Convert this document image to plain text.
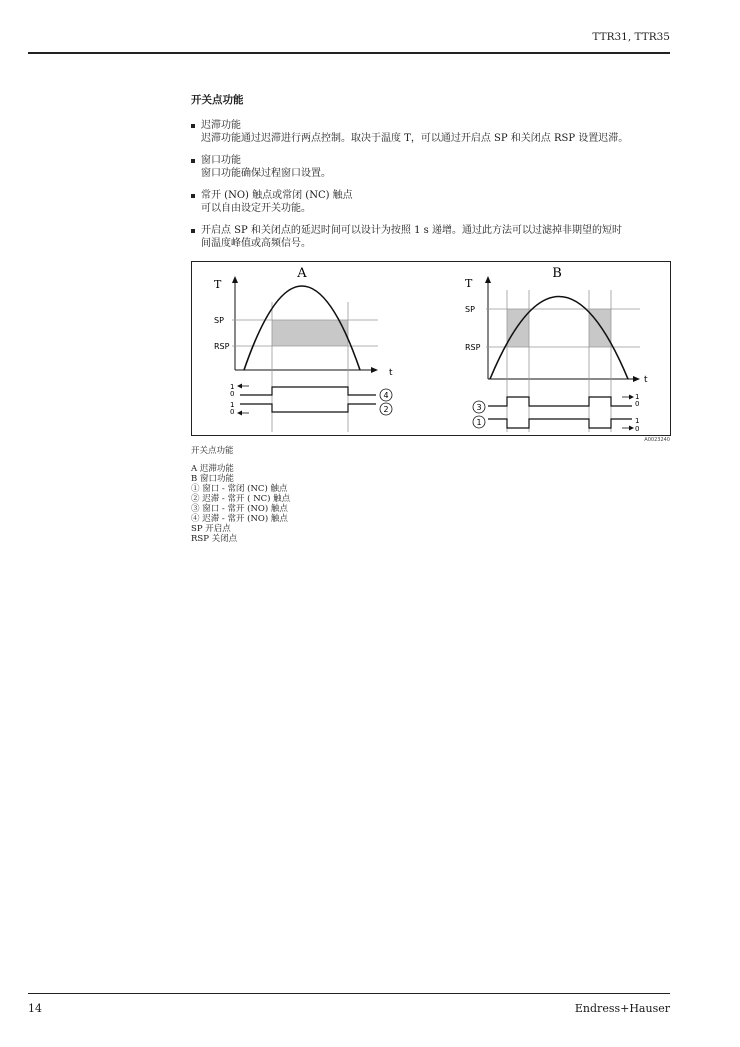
TTR31, TTR35
开关点功能
迟滞功能
迟滞功能通过迟滞进行两点控制。取决于温度 T，可以通过开启点 SP 和关闭点 RSP 设置迟滞。
窗口功能
窗口功能确保过程窗口设置。
常开 (NO) 触点或常闭 (NC) 触点
可以自由设定开关功能。
开启点 SP 和关闭点的延迟时间可以设计为按照 1 s 递增。通过此方法可以过滤掉非期望的短时
间温度峰值或高频信号。
A
T
SP
RSP
t
1
0
1
0
4
2
B
T
SP
RSP
t
1
0
1
0
3
1
A0023240
开关点功能
A 迟滞功能
B 窗口功能
① 窗口 - 常闭 (NC) 触点
② 迟滞 - 常开 ( NC) 触点
③ 窗口 - 常开 (NO) 触点
④ 迟滞 - 常开 (NO) 触点
SP 开启点
RSP 关闭点
14	Endress+Hauser
